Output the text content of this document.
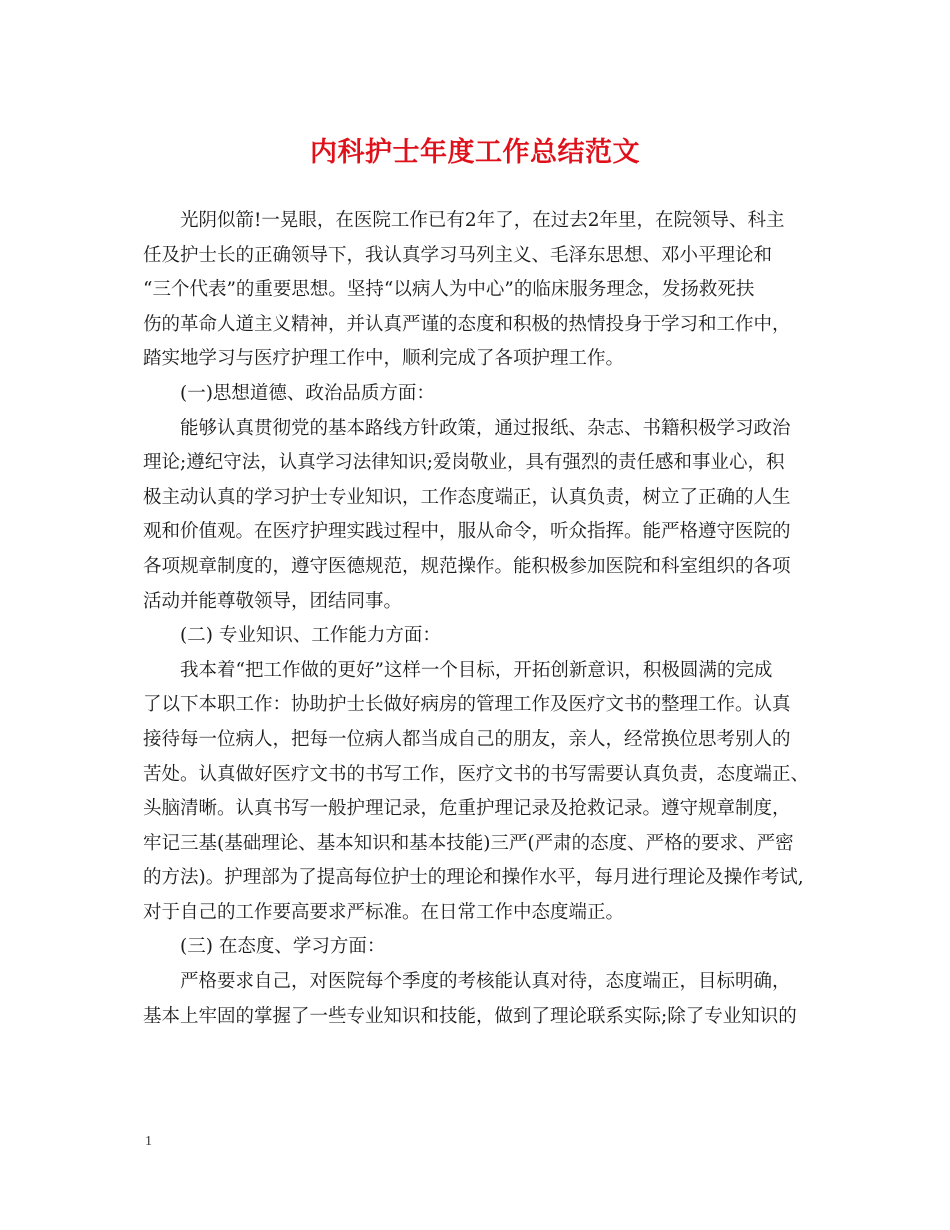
内科护士年度工作总结范文
光阴似箭!一晃眼，在医院工作已有2年了，在过去2年里，在院领导、科主
任及护士长的正确领导下，我认真学习马列主义、毛泽东思想、邓小平理论和
“三个代表”的重要思想。坚持“以病人为中心”的临床服务理念，发扬救死扶
伤的革命人道主义精神，并认真严谨的态度和积极的热情投身于学习和工作中，
踏实地学习与医疗护理工作中，顺利完成了各项护理工作。
(一)思想道德、政治品质方面：
能够认真贯彻党的基本路线方针政策，通过报纸、杂志、书籍积极学习政治
理论;遵纪守法，认真学习法律知识;爱岗敬业，具有强烈的责任感和事业心，积
极主动认真的学习护士专业知识，工作态度端正，认真负责，树立了正确的人生
观和价值观。在医疗护理实践过程中，服从命令，听众指挥。能严格遵守医院的
各项规章制度的，遵守医德规范，规范操作。能积极参加医院和科室组织的各项
活动并能尊敬领导，团结同事。
(二) 专业知识、工作能力方面：
我本着“把工作做的更好”这样一个目标，开拓创新意识，积极圆满的完成
了以下本职工作：协助护士长做好病房的管理工作及医疗文书的整理工作。认真
接待每一位病人，把每一位病人都当成自己的朋友，亲人，经常换位思考别人的
苦处。认真做好医疗文书的书写工作，医疗文书的书写需要认真负责，态度端正、
头脑清晰。认真书写一般护理记录，危重护理记录及抢救记录。遵守规章制度，
牢记三基(基础理论、基本知识和基本技能)三严(严肃的态度、严格的要求、严密
的方法)。护理部为了提高每位护士的理论和操作水平，每月进行理论及操作考试,
对于自己的工作要高要求严标准。在日常工作中态度端正。
(三) 在态度、学习方面：
严格要求自己，对医院每个季度的考核能认真对待，态度端正，目标明确，
基本上牢固的掌握了一些专业知识和技能，做到了理论联系实际;除了专业知识的
1
